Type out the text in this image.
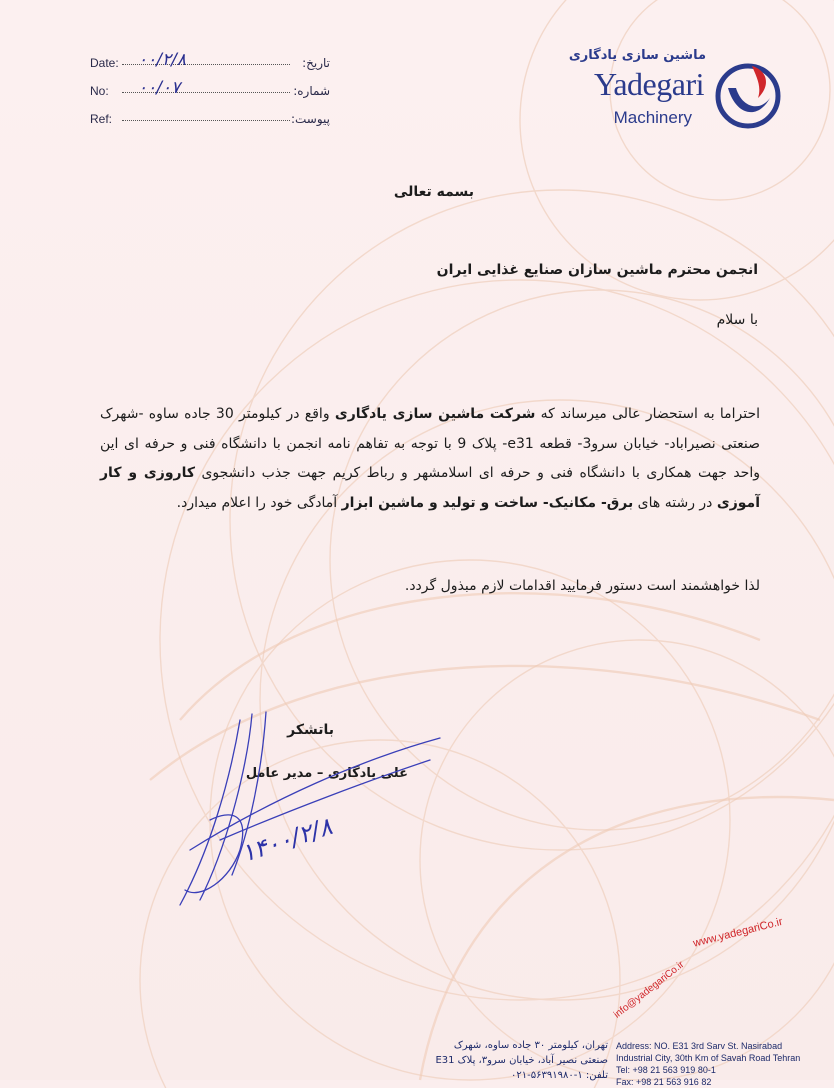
Date: ۰۰/۲/۸	تاریخ:
No: ۰۰/۰۷	شماره:
Ref:	پیوست:
ماشین سازی یادگاری
Yadegari
Machinery
بسمه تعالی
انجمن محترم ماشین سازان صنایع غذایی ایران
با سلام
احتراما به استحضار عالی میرساند که شرکت ماشین سازی یادگاری واقع در کیلومتر 30 جاده ساوه -شهرک صنعتی نصیراباد- خیابان سرو3- قطعه e31- پلاک 9 با توجه به تفاهم نامه انجمن با دانشگاه فنی و حرفه ای این واحد جهت همکاری با دانشگاه فنی و حرفه ای اسلامشهر و رباط کریم جهت جذب دانشجوی کاروزی و کار آموزی در رشته های برق- مکانیک- ساخت و تولید و ماشین ابزار آمادگی خود را اعلام میدارد.
لذا خواهشمند است دستور فرمایید اقدامات لازم مبذول گردد.
باتشکر
علی یادگاری – مدیر عامل
۱۴۰۰/۲/۸
info@yadegariCo.ir
www.yadegariCo.ir
تهران، کیلومتر ۳۰ جاده ساوه، شهرک
صنعتی نصیر آباد، خیابان سرو۳، پلاک E31
تلفن: ۱-۵۶۳۹۱۹۸۰-۰۲۱
Address: NO. E31 3rd Sarv St. Nasirabad
Industrial City, 30th Km of Savah Road Tehran
Tel: +98 21 563 919 80-1
Fax: +98 21 563 916 82
